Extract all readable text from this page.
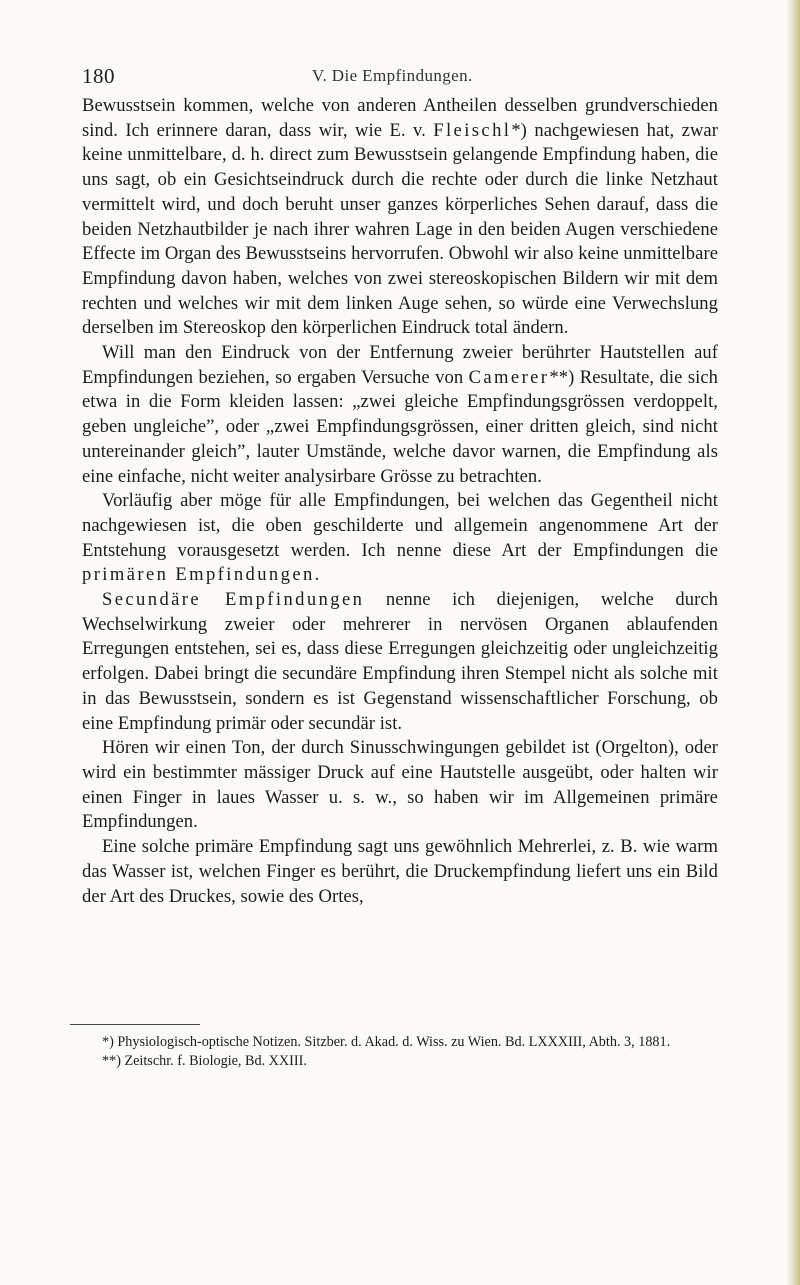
180	V. Die Empfindungen.

Bewusstsein kommen, welche von anderen Antheilen desselben grundverschieden sind. Ich erinnere daran, dass wir, wie E. v. Fleischl*) nachgewiesen hat, zwar keine unmittelbare, d. h. direct zum Bewusstsein gelangende Empfindung haben, die uns sagt, ob ein Gesichtseindruck durch die rechte oder durch die linke Netzhaut vermittelt wird, und doch beruht unser ganzes körperliches Sehen darauf, dass die beiden Netzhautbilder je nach ihrer wahren Lage in den beiden Augen verschiedene Effecte im Organ des Bewusstseins hervorrufen. Obwohl wir also keine unmittelbare Empfindung davon haben, welches von zwei stereoskopischen Bildern wir mit dem rechten und welches wir mit dem linken Auge sehen, so würde eine Verwechslung derselben im Stereoskop den körperlichen Eindruck total ändern.

Will man den Eindruck von der Entfernung zweier berührter Hautstellen auf Empfindungen beziehen, so ergaben Versuche von Camerer**) Resultate, die sich etwa in die Form kleiden lassen: „zwei gleiche Empfindungsgrössen verdoppelt, geben ungleiche”, oder „zwei Empfindungsgrössen, einer dritten gleich, sind nicht untereinander gleich”, lauter Umstände, welche davor warnen, die Empfindung als eine einfache, nicht weiter analysirbare Grösse zu betrachten.

Vorläufig aber möge für alle Empfindungen, bei welchen das Gegentheil nicht nachgewiesen ist, die oben geschilderte und allgemein angenommene Art der Entstehung vorausgesetzt werden. Ich nenne diese Art der Empfindungen die primären Empfindungen.

Secundäre Empfindungen nenne ich diejenigen, welche durch Wechselwirkung zweier oder mehrerer in nervösen Organen ablaufenden Erregungen entstehen, sei es, dass diese Erregungen gleichzeitig oder ungleichzeitig erfolgen. Dabei bringt die secundäre Empfindung ihren Stempel nicht als solche mit in das Bewusstsein, sondern es ist Gegenstand wissenschaftlicher Forschung, ob eine Empfindung primär oder secundär ist.

Hören wir einen Ton, der durch Sinusschwingungen gebildet ist (Orgelton), oder wird ein bestimmter mässiger Druck auf eine Hautstelle ausgeübt, oder halten wir einen Finger in laues Wasser u. s. w., so haben wir im Allgemeinen primäre Empfindungen.

Eine solche primäre Empfindung sagt uns gewöhnlich Mehrerlei, z. B. wie warm das Wasser ist, welchen Finger es berührt, die Druckempfindung liefert uns ein Bild der Art des Druckes, sowie des Ortes,

*) Physiologisch-optische Notizen. Sitzber. d. Akad. d. Wiss. zu Wien. Bd. LXXXIII, Abth. 3, 1881.

**) Zeitschr. f. Biologie, Bd. XXIII.
